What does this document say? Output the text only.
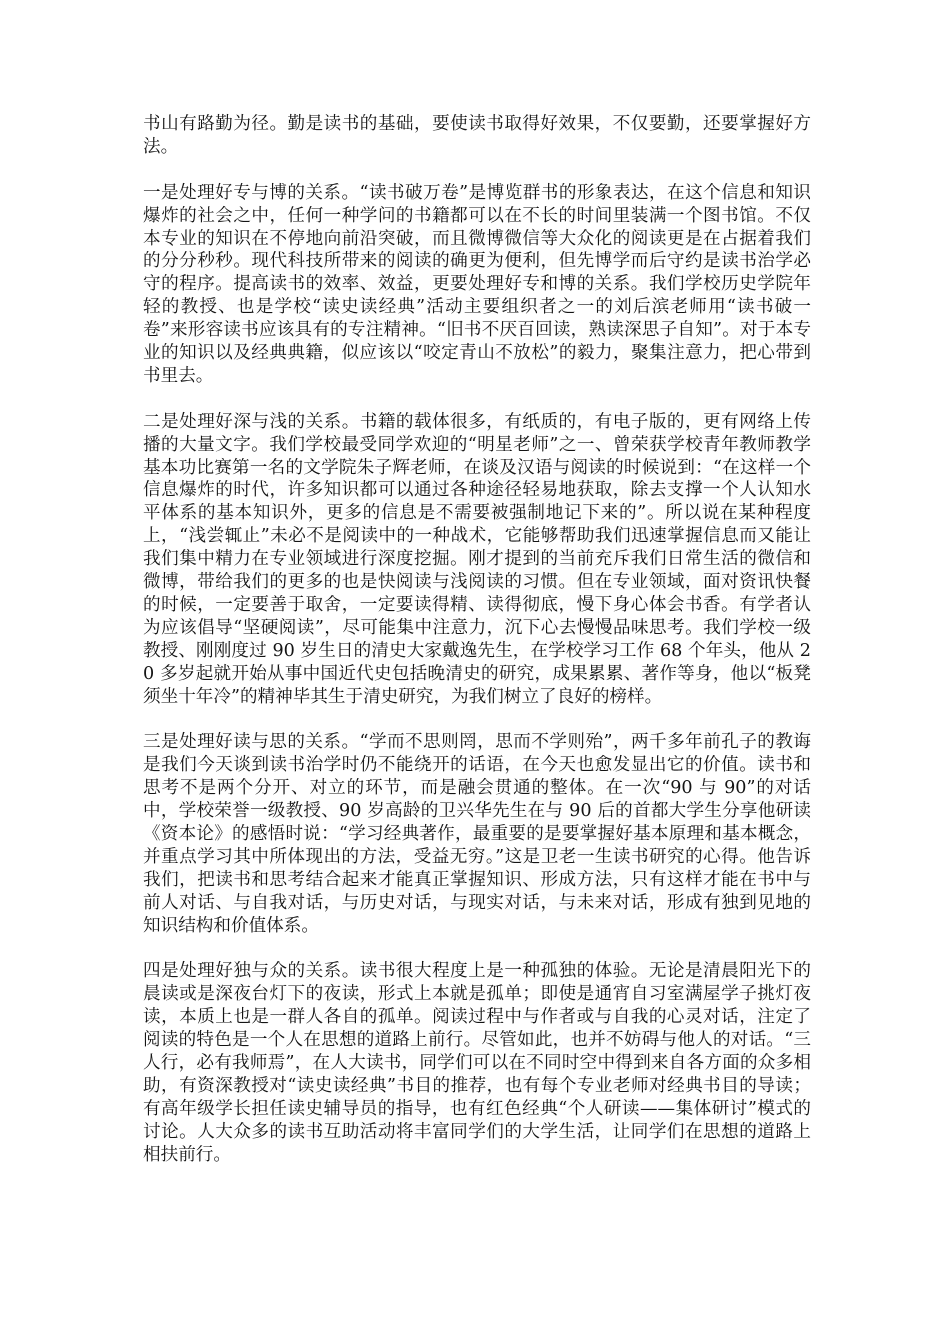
书山有路勤为径。勤是读书的基础，要使读书取得好效果，不仅要勤，还要掌握好方法。

一是处理好专与博的关系。“读书破万卷”是博览群书的形象表达，在这个信息和知识爆炸的社会之中，任何一种学问的书籍都可以在不长的时间里装满一个图书馆。不仅本专业的知识在不停地向前沿突破，而且微博微信等大众化的阅读更是在占据着我们的分分秒秒。现代科技所带来的阅读的确更为便利，但先博学而后守约是读书治学必守的程序。提高读书的效率、效益，更要处理好专和博的关系。我们学校历史学院年轻的教授、也是学校“读史读经典”活动主要组织者之一的刘后滨老师用“读书破一卷”来形容读书应该具有的专注精神。“旧书不厌百回读，熟读深思子自知”。对于本专业的知识以及经典典籍，似应该以“咬定青山不放松”的毅力，聚集注意力，把心带到书里去。

二是处理好深与浅的关系。书籍的载体很多，有纸质的，有电子版的，更有网络上传播的大量文字。我们学校最受同学欢迎的“明星老师”之一、曾荣获学校青年教师教学基本功比赛第一名的文学院朱子辉老师，在谈及汉语与阅读的时候说到：“在这样一个信息爆炸的时代，许多知识都可以通过各种途径轻易地获取，除去支撑一个人认知水平体系的基本知识外，更多的信息是不需要被强制地记下来的”。所以说在某种程度上，“浅尝辄止”未必不是阅读中的一种战术，它能够帮助我们迅速掌握信息而又能让我们集中精力在专业领域进行深度挖掘。刚才提到的当前充斥我们日常生活的微信和微博，带给我们的更多的也是快阅读与浅阅读的习惯。但在专业领域，面对资讯快餐的时候，一定要善于取舍，一定要读得精、读得彻底，慢下身心体会书香。有学者认为应该倡导“坚硬阅读”，尽可能集中注意力，沉下心去慢慢品味思考。我们学校一级教授、刚刚度过 90 岁生日的清史大家戴逸先生，在学校学习工作 68 个年头，他从 20 多岁起就开始从事中国近代史包括晚清史的研究，成果累累、著作等身，他以“板凳须坐十年冷”的精神毕其生于清史研究，为我们树立了良好的榜样。

三是处理好读与思的关系。“学而不思则罔，思而不学则殆”，两千多年前孔子的教诲是我们今天谈到读书治学时仍不能绕开的话语，在今天也愈发显出它的价值。读书和思考不是两个分开、对立的环节，而是融会贯通的整体。在一次“90 与 90”的对话中，学校荣誉一级教授、90 岁高龄的卫兴华先生在与 90 后的首都大学生分享他研读《资本论》的感悟时说：“学习经典著作，最重要的是要掌握好基本原理和基本概念，并重点学习其中所体现出的方法，受益无穷。”这是卫老一生读书研究的心得。他告诉我们，把读书和思考结合起来才能真正掌握知识、形成方法，只有这样才能在书中与前人对话、与自我对话，与历史对话，与现实对话，与未来对话，形成有独到见地的知识结构和价值体系。

四是处理好独与众的关系。读书很大程度上是一种孤独的体验。无论是清晨阳光下的晨读或是深夜台灯下的夜读，形式上本就是孤单；即使是通宵自习室满屋学子挑灯夜读，本质上也是一群人各自的孤单。阅读过程中与作者或与自我的心灵对话，注定了阅读的特色是一个人在思想的道路上前行。尽管如此，也并不妨碍与他人的对话。“三人行，必有我师焉”，在人大读书，同学们可以在不同时空中得到来自各方面的众多相助，有资深教授对“读史读经典”书目的推荐，也有每个专业老师对经典书目的导读；有高年级学长担任读史辅导员的指导，也有红色经典“个人研读——集体研讨”模式的讨论。人大众多的读书互助活动将丰富同学们的大学生活，让同学们在思想的道路上相扶前行。
